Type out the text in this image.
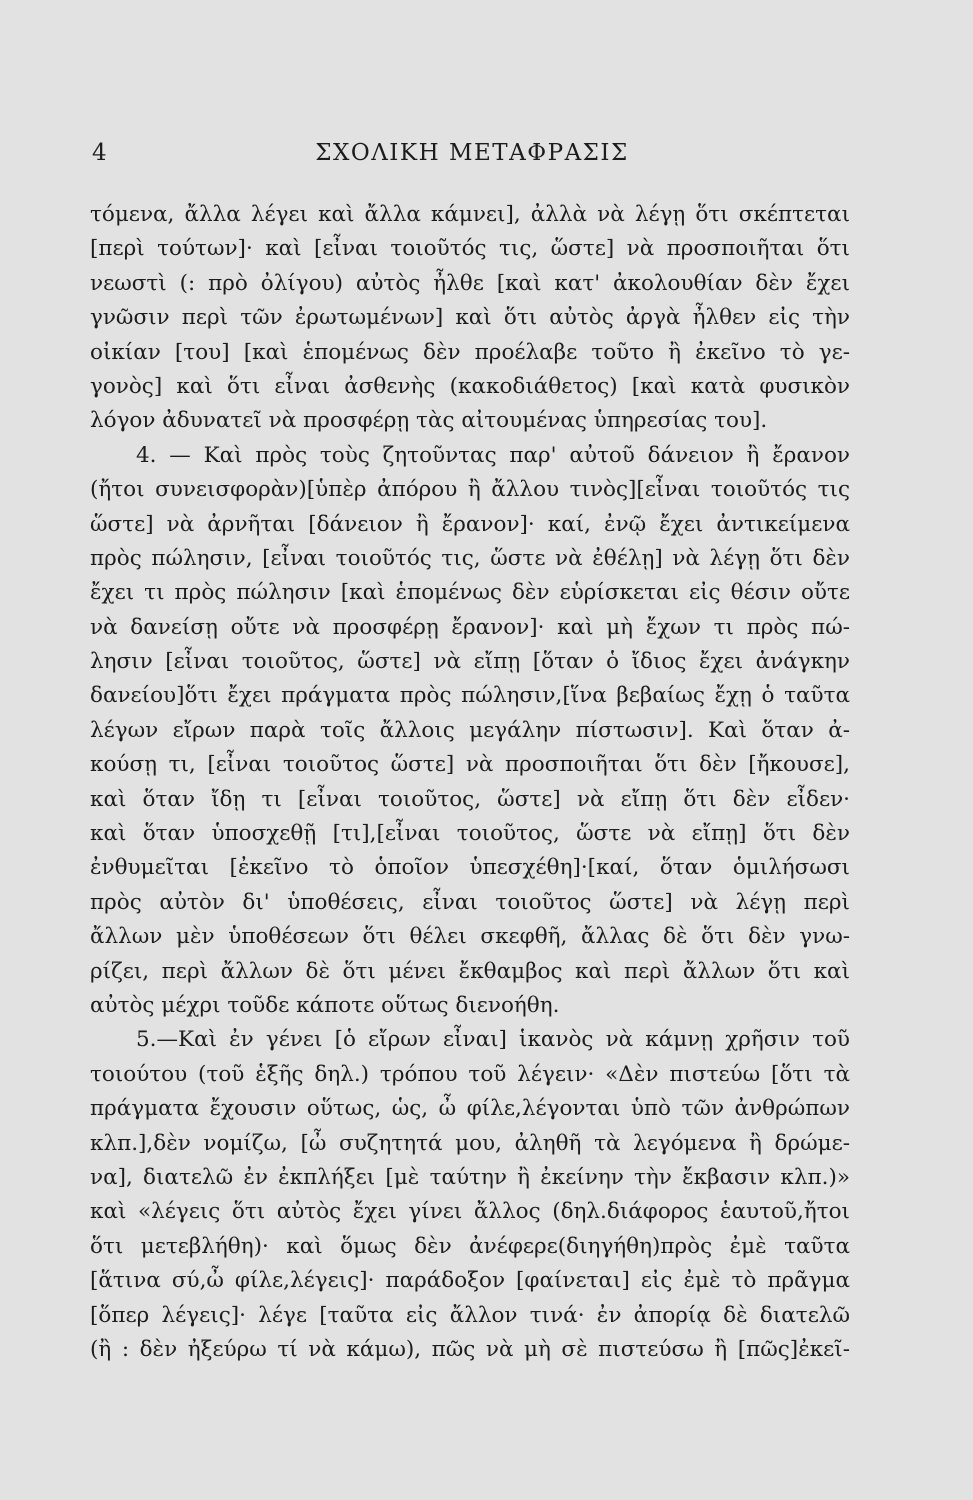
4	ΣΧΟΛΙΚΗ ΜΕΤΑΦΡΑΣΙΣ
τόμενα, ἄλλα λέγει καὶ ἄλλα κάμνει], ἀλλὰ νὰ λέγῃ ὅτι σκέπτεται
[περὶ τούτων]· καὶ [εἶναι τοιοῦτός τις, ὥστε] νὰ προσποιῆται ὅτι
νεωστὶ (: πρὸ ὀλίγου) αὐτὸς ἦλθε [καὶ κατ' ἀκολουθίαν δὲν ἔχει
γνῶσιν περὶ τῶν ἐρωτωμένων] καὶ ὅτι αὐτὸς ἀργὰ ἦλθεν εἰς τὴν
οἰκίαν [του] [καὶ ἑπομένως δὲν προέλαβε τοῦτο ἢ ἐκεῖνο τὸ γε-
γονὸς] καὶ ὅτι εἶναι ἀσθενὴς (κακοδιάθετος) [καὶ κατὰ φυσικὸν
λόγον ἀδυνατεῖ νὰ προσφέρῃ τὰς αἰτουμένας ὑπηρεσίας του].
4. — Καὶ πρὸς τοὺς ζητοῦντας παρ' αὐτοῦ δάνειον ἢ ἔρανον
(ἤτοι συνεισφορὰν)[ὑπὲρ ἀπόρου ἢ ἄλλου τινὸς][εἶναι τοιοῦτός τις
ὥστε] νὰ ἀρνῆται [δάνειον ἢ ἔρανον]· καί, ἐνῷ ἔχει ἀντικείμενα
πρὸς πώλησιν, [εἶναι τοιοῦτός τις, ὥστε νὰ ἐθέλῃ] νὰ λέγῃ ὅτι δὲν
ἔχει τι πρὸς πώλησιν [καὶ ἑπομένως δὲν εὑρίσκεται εἰς θέσιν οὔτε
νὰ δανείσῃ οὔτε νὰ προσφέρῃ ἔρανον]· καὶ μὴ ἔχων τι πρὸς πώ-
λησιν [εἶναι τοιοῦτος, ὥστε] νὰ εἴπῃ [ὅταν ὁ ἴδιος ἔχει ἀνάγκην
δανείου]ὅτι ἔχει πράγματα πρὸς πώλησιν,[ἵνα βεβαίως ἔχῃ ὁ ταῦτα
λέγων εἴρων παρὰ τοῖς ἄλλοις μεγάλην πίστωσιν]. Καὶ ὅταν ἀ-
κούσῃ τι, [εἶναι τοιοῦτος ὥστε] νὰ προσποιῆται ὅτι δὲν [ἤκουσε],
καὶ ὅταν ἴδῃ τι [εἶναι τοιοῦτος, ὥστε] νὰ εἴπῃ ὅτι δὲν εἶδεν·
καὶ ὅταν ὑποσχεθῇ [τι],[εἶναι τοιοῦτος, ὥστε νὰ εἴπῃ] ὅτι δὲν
ἐνθυμεῖται [ἐκεῖνο τὸ ὁποῖον ὑπεσχέθη]·[καί, ὅταν ὁμιλήσωσι
πρὸς αὐτὸν δι' ὑποθέσεις, εἶναι τοιοῦτος ὥστε] νὰ λέγῃ περὶ
ἄλλων μὲν ὑποθέσεων ὅτι θέλει σκεφθῆ, ἄλλας δὲ ὅτι δὲν γνω-
ρίζει, περὶ ἄλλων δὲ ὅτι μένει ἔκθαμβος καὶ περὶ ἄλλων ὅτι καὶ
αὐτὸς μέχρι τοῦδε κάποτε οὕτως διενοήθη.
5.—Καὶ ἐν γένει [ὁ εἴρων εἶναι] ἱκανὸς νὰ κάμνῃ χρῆσιν τοῦ
τοιούτου (τοῦ ἑξῆς δηλ.) τρόπου τοῦ λέγειν· «Δὲν πιστεύω [ὅτι τὰ
πράγματα ἔχουσιν οὕτως, ὡς, ὦ φίλε,λέγονται ὑπὸ τῶν ἀνθρώπων
κλπ.],δὲν νομίζω, [ὦ συζητητά μου, ἀληθῆ τὰ λεγόμενα ἢ δρώμε-
να], διατελῶ ἐν ἐκπλήξει [μὲ ταύτην ἢ ἐκείνην τὴν ἔκβασιν κλπ.)»
καὶ «λέγεις ὅτι αὐτὸς ἔχει γίνει ἄλλος (δηλ.διάφορος ἑαυτοῦ,ἤτοι
ὅτι μετεβλήθη)· καὶ ὅμως δὲν ἀνέφερε(διηγήθη)πρὸς ἐμὲ ταῦτα
[ἅτινα σύ,ὦ φίλε,λέγεις]· παράδοξον [φαίνεται] εἰς ἐμὲ τὸ πρᾶγμα
[ὅπερ λέγεις]· λέγε [ταῦτα εἰς ἄλλον τινά· ἐν ἀπορίᾳ δὲ διατελῶ
(ἢ : δὲν ἠξεύρω τί νὰ κάμω), πῶς νὰ μὴ σὲ πιστεύσω ἢ [πῶς]ἐκεῖ-
